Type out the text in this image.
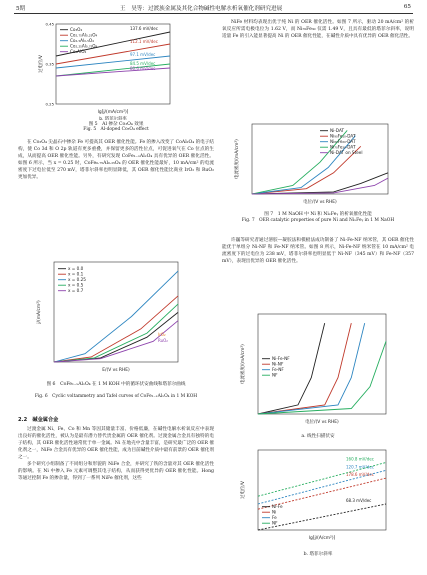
5期	王　昊等：过渡族金属及其化合物碱性电解水析氧催化剂研究进展	65
137.6 mV/dec
112.1 mV/dec
97.1 mV/dec
84.5 mV/dec
80.6 mV/dec
Co₃O₄
Co₂.₇₅Al₀.₂₅O₄
Co₂.₅Al₀.₅O₄
Co₂.₂₅Al₀.₇₅O₄
Co₂AlO₄
lg[j/(mA/cm²)]
过电位/V
b. 塔菲尔斜率
0.25
0.35
0.45
图 5　Al 掺杂 Co₃O₄ 效果
Fig. 5　Al-doped Co₃O₄ effect

在 Co₃O₄ 尖晶石中掺杂 Fe 可提高其 OER 催化性能。Fe 的掺入改变了 CoAl₂O₄ 的电子结构，使 Co 3d 和 O 2p 轨道有更多重叠，并保留更多的活性位点，可促进氧气在 Co 位点的生成，从而提高 OER 催化性能。另外，有研究发现 CoFe₁₋ₓAlₓO₄ 具有优异的 OER 催化活性。如图 6 所示，当 x = 0.25 时，CoFe₀.₇₅Al₀.₂₅O₄ 的 OER 催化性能最好，10 mA/cm² 的电流密度下过电位低至 270 mV，塔菲尔斜率也明显降低，其 OER 催化性能比商业 IrO₂ 和 RuO₂ 更加优异。

x = 0.0
x = 0.1
x = 0.25
x = 0.5
x = 0.7
E/(V vs RHE)
j/(mA/cm²)
IrO₂
RuO₂
图 6　CoFe₁₋ₓAlₓO₄ 在 1 M KOH 中的循环伏安曲线和塔菲尔曲线
Fig. 6　Cyclic voltammetry and Tafel curves of CoFe₁₋ₓAlₓO₄ in 1 M KOH
2.2　碱金属合金

过渡金属 Ni、Fe、Co 和 Mn 等因其储量丰富、价格低廉，在碱性电解水析氧反应中表现出良好的催化活性，被认为是最有潜力替代贵金属的 OER 催化剂。过渡金属合金具有独特的电子结构，其 OER 催化活性通常优于单一金属。Ni 在地壳中含量丰富，是研究最广泛的 OER 催化剂之一，NiFe 合金具有优异的 OER 催化性能，成为目前碱性介质中最有前景的 OER 催化剂之一。

多个研究小组制备了不同组分和形貌的 NiFe 合金，并研究了铁的含量对其 OER 催化活性的影响。在 Ni 中掺入 Fe 元素可调整其电子结构，从而获得更优异的 OER 催化性能。Hong 等通过控制 Fe 的掺杂量，得到了一系列 NiFe 催化剂，这些

NiFe 材料均表现出优于纯 Ni 的 OER 催化活性。如图 7 所示，驱动 20 mA/cm² 的析氧反应所需电极电位为 1.62 V，而 Ni₇₀Fe₃₀ 仅需 1.49 V，且具有最低的塔菲尔斜率，说明适量 Fe 的引入能显著提高 Ni 的 OER 催化性能，在碱性介质中具有优异的 OER 催化活性。

Ni-DAT
Ni₉₀Fe₁₀-DAT
Ni₈₀Fe₂₀-DAT
Ni₇₀Fe₃₀-DAT
Ni-DAT on Steel
电位/(V vs RHE)
电流密度/(mA/cm²)
图 7　1 M NaOH 中 Ni 和 NiₓFeᵧ 的析氧催化性能
Fig. 7　OER catalytic properties of pure Ni and NiₓFeᵧ in 1 M NaOH

许巍等研究者通过溶胶—凝胶法和模板法成功制备了 Ni-Fe-NF 纳米管，其 OER 催化性能优于单组分 Ni-NF 和 Fe-NF 纳米管。如图 8 所示，Ni-Fe-NF 纳米管在 10 mA/cm² 电流密度下的过电位为 238 mV，塔菲尔斜率也明显低于 Ni-NF（345 mV）和 Fe-NF（357 mV），表现出优异的 OER 催化活性。

Ni-Fe-NF
Ni-NF
Fe-NF
NF
电位/(V vs RHE)
电流密度/(mA/cm²)
a. 线性扫描伏安
68.3 mV/dec
178.6 mV/dec
120.7 mV/dec
160.8 mV/dec
Ni-Fe
Ni
Fe
NF
lg[j/(A/cm²)]
过电位/V
b. 塔菲尔斜率
